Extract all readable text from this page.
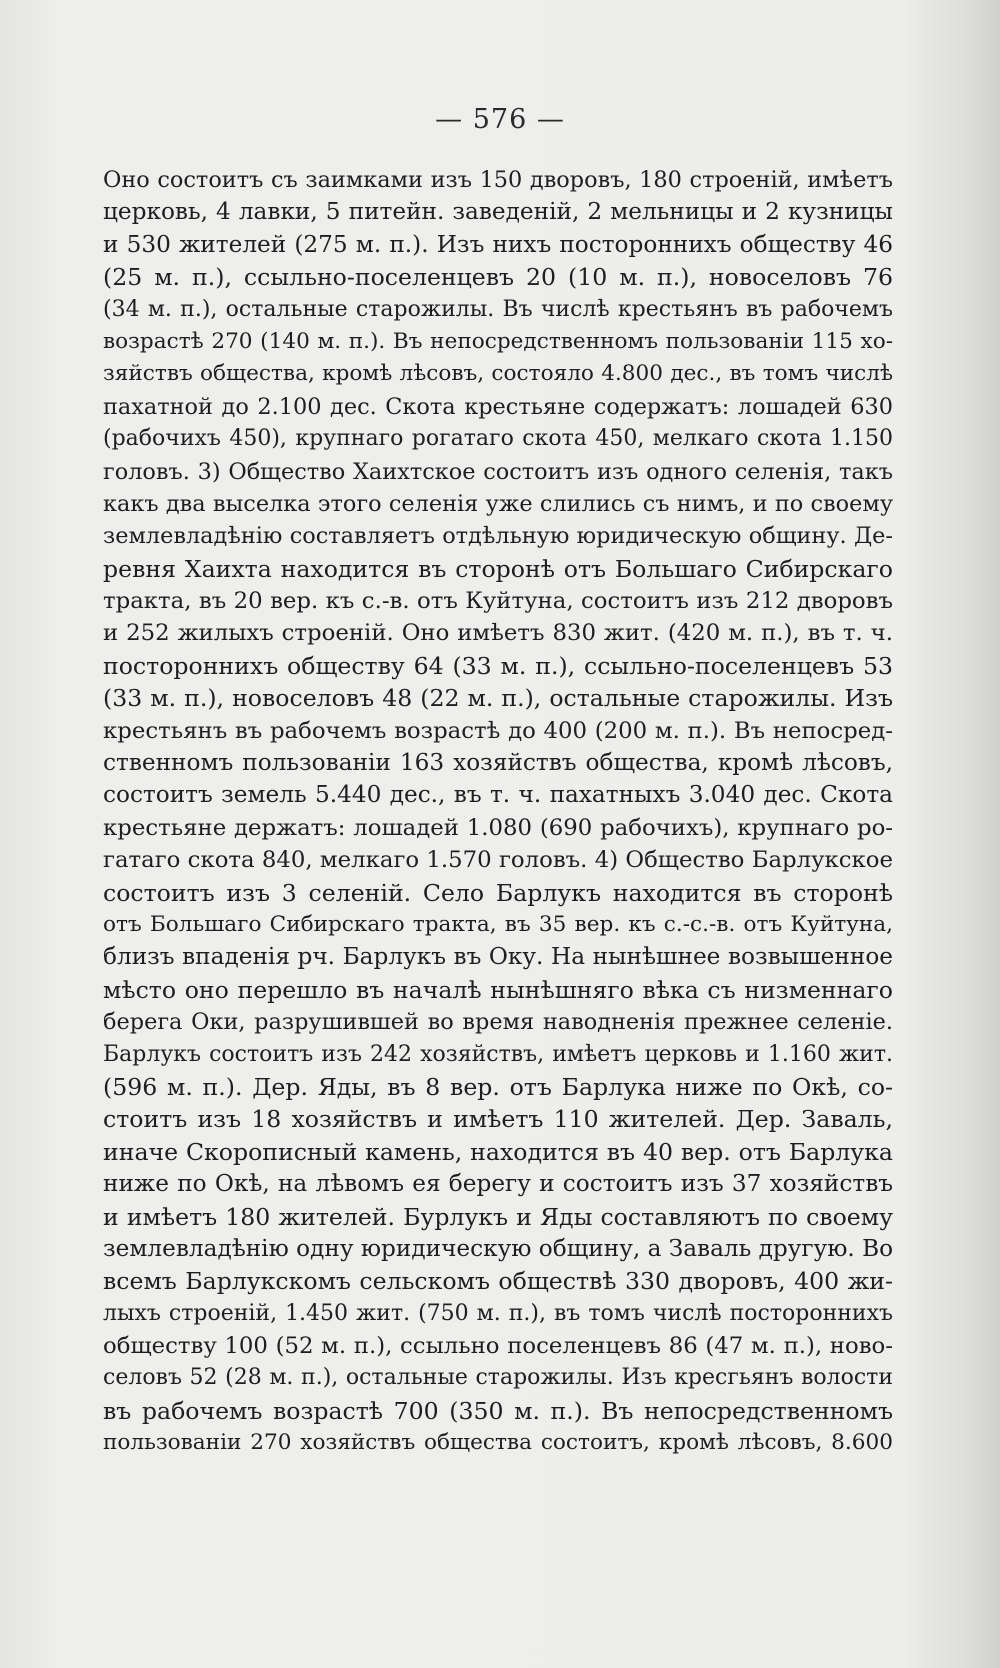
— 576 —
Оно состоитъ съ заимками изъ 150 дворовъ, 180 строеній, имѣетъ
церковь, 4 лавки, 5 питейн. заведеній, 2 мельницы и 2 кузницы
и 530 жителей (275 м. п.). Изъ нихъ постороннихъ обществу 46
(25 м. п.), ссыльно-поселенцевъ 20 (10 м. п.), новоселовъ 76
(34 м. п.), остальные старожилы. Въ числѣ крестьянъ въ рабочемъ
возрастѣ 270 (140 м. п.). Въ непосредственномъ пользованіи 115 хо-
зяйствъ общества, кромѣ лѣсовъ, состояло 4.800 дес., въ томъ числѣ
пахатной до 2.100 дес. Скота крестьяне содержатъ: лошадей 630
(рабочихъ 450), крупнаго рогатаго скота 450, мелкаго скота 1.150
головъ. 3) Общество Хаихтское состоитъ изъ одного селенія, такъ
какъ два выселка этого селенія уже слились съ нимъ, и по своему
землевладѣнію составляетъ отдѣльную юридическую общину. Де-
ревня Хаихта находится въ сторонѣ отъ Большаго Сибирскаго
тракта, въ 20 вер. къ с.-в. отъ Куйтуна, состоитъ изъ 212 дворовъ
и 252 жилыхъ строеній. Оно имѣетъ 830 жит. (420 м. п.), въ т. ч.
постороннихъ обществу 64 (33 м. п.), ссыльно-поселенцевъ 53
(33 м. п.), новоселовъ 48 (22 м. п.), остальные старожилы. Изъ
крестьянъ въ рабочемъ возрастѣ до 400 (200 м. п.). Въ непосред-
ственномъ пользованіи 163 хозяйствъ общества, кромѣ лѣсовъ,
состоитъ земель 5.440 дес., въ т. ч. пахатныхъ 3.040 дес. Скота
крестьяне держатъ: лошадей 1.080 (690 рабочихъ), крупнаго ро-
гатаго скота 840, мелкаго 1.570 головъ. 4) Общество Барлукское
состоитъ изъ 3 селеній. Село Барлукъ находится въ сторонѣ
отъ Большаго Сибирскаго тракта, въ 35 вер. къ с.-с.-в. отъ Куйтуна,
близъ впаденія рч. Барлукъ въ Оку. На нынѣшнее возвышенное
мѣсто оно перешло въ началѣ нынѣшняго вѣка съ низменнаго
берега Оки, разрушившей во время наводненія прежнее селеніе.
Барлукъ состоитъ изъ 242 хозяйствъ, имѣетъ церковь и 1.160 жит.
(596 м. п.). Дер. Яды, въ 8 вер. отъ Барлука ниже по Окѣ, со-
стоитъ изъ 18 хозяйствъ и имѣетъ 110 жителей. Дер. Заваль,
иначе Скорописный камень, находится въ 40 вер. отъ Барлука
ниже по Окѣ, на лѣвомъ ея берегу и состоитъ изъ 37 хозяйствъ
и имѣетъ 180 жителей. Бурлукъ и Яды составляютъ по своему
землевладѣнію одну юридическую общину, а Заваль другую. Во
всемъ Барлукскомъ сельскомъ обществѣ 330 дворовъ, 400 жи-
лыхъ строеній, 1.450 жит. (750 м. п.), въ томъ числѣ постороннихъ
обществу 100 (52 м. п.), ссыльно поселенцевъ 86 (47 м. п.), ново-
селовъ 52 (28 м. п.), остальные старожилы. Изъ кресгьянъ волости
въ рабочемъ возрастѣ 700 (350 м. п.). Въ непосредственномъ
пользованіи 270 хозяйствъ общества состоитъ, кромѣ лѣсовъ, 8.600
